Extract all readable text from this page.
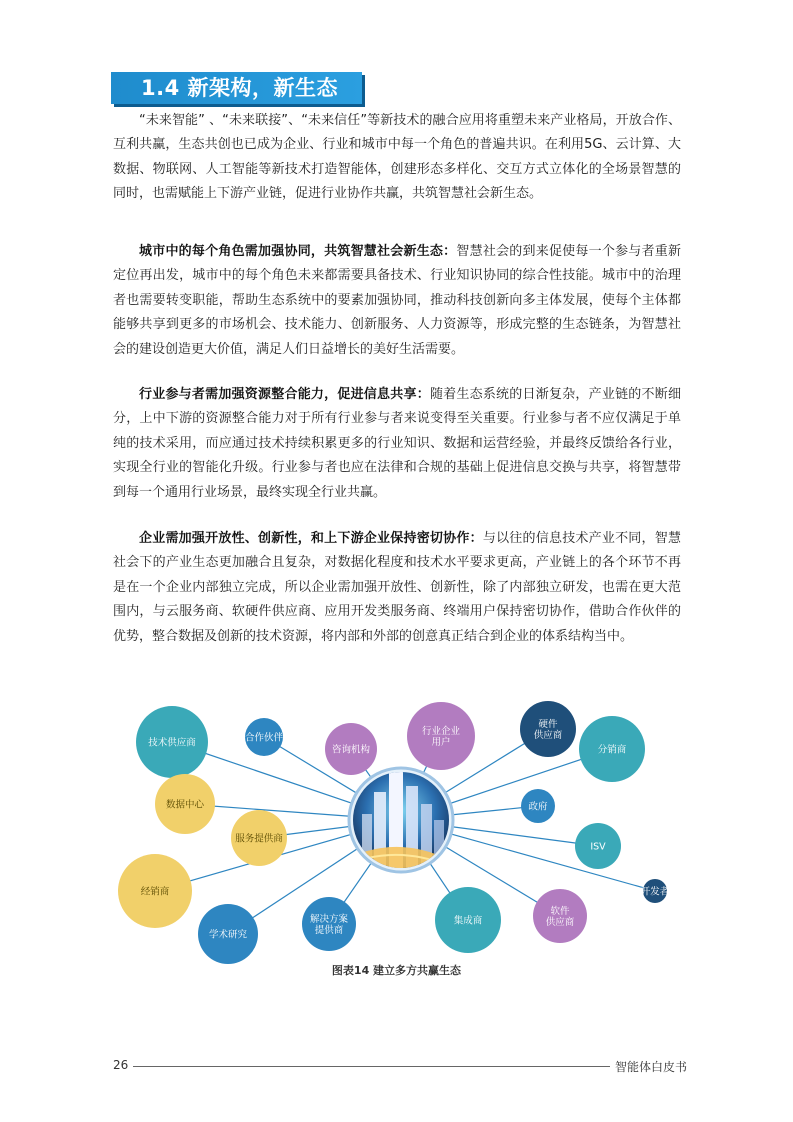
1.4 新架构，新生态

“未来智能” 、“未来联接”、“未来信任”等新技术的融合应用将重塑未来产业格局，开放合作、互利共赢，生态共创也已成为企业、行业和城市中每一个角色的普遍共识。在利用5G、云计算、大数据、物联网、人工智能等新技术打造智能体，创建形态多样化、交互方式立体化的全场景智慧的同时，也需赋能上下游产业链，促进行业协作共赢，共筑智慧社会新生态。

城市中的每个角色需加强协同，共筑智慧社会新生态：智慧社会的到来促使每一个参与者重新定位再出发，城市中的每个角色未来都需要具备技术、行业知识协同的综合性技能。城市中的治理者也需要转变职能，帮助生态系统中的要素加强协同，推动科技创新向多主体发展，使每个主体都能够共享到更多的市场机会、技术能力、创新服务、人力资源等，形成完整的生态链条，为智慧社会的建设创造更大价值，满足人们日益增长的美好生活需要。

行业参与者需加强资源整合能力，促进信息共享：随着生态系统的日渐复杂，产业链的不断细分，上中下游的资源整合能力对于所有行业参与者来说变得至关重要。行业参与者不应仅满足于单纯的技术采用，而应通过技术持续积累更多的行业知识、数据和运营经验，并最终反馈给各行业，实现全行业的智能化升级。行业参与者也应在法律和合规的基础上促进信息交换与共享，将智慧带到每一个通用行业场景，最终实现全行业共赢。

企业需加强开放性、创新性，和上下游企业保持密切协作：与以往的信息技术产业不同，智慧社会下的产业生态更加融合且复杂，对数据化程度和技术水平要求更高，产业链上的各个环节不再是在一个企业内部独立完成，所以企业需加强开放性、创新性，除了内部独立研发，也需在更大范围内，与云服务商、软硬件供应商、应用开发类服务商、终端用户保持密切协作，借助合作伙伴的优势，整合数据及创新的技术资源，将内部和外部的创意真正结合到企业的体系结构当中。

技术供应商	合作伙伴
咨询机构
行业企业
用户
硬件
供应商
分销商
数据中心
服务提供商
政府
ISV
开发者
经销商
学术研究
解决方案
提供商
集成商
软件
供应商
图表14 建立多方共赢生态
26	智能体白皮书
